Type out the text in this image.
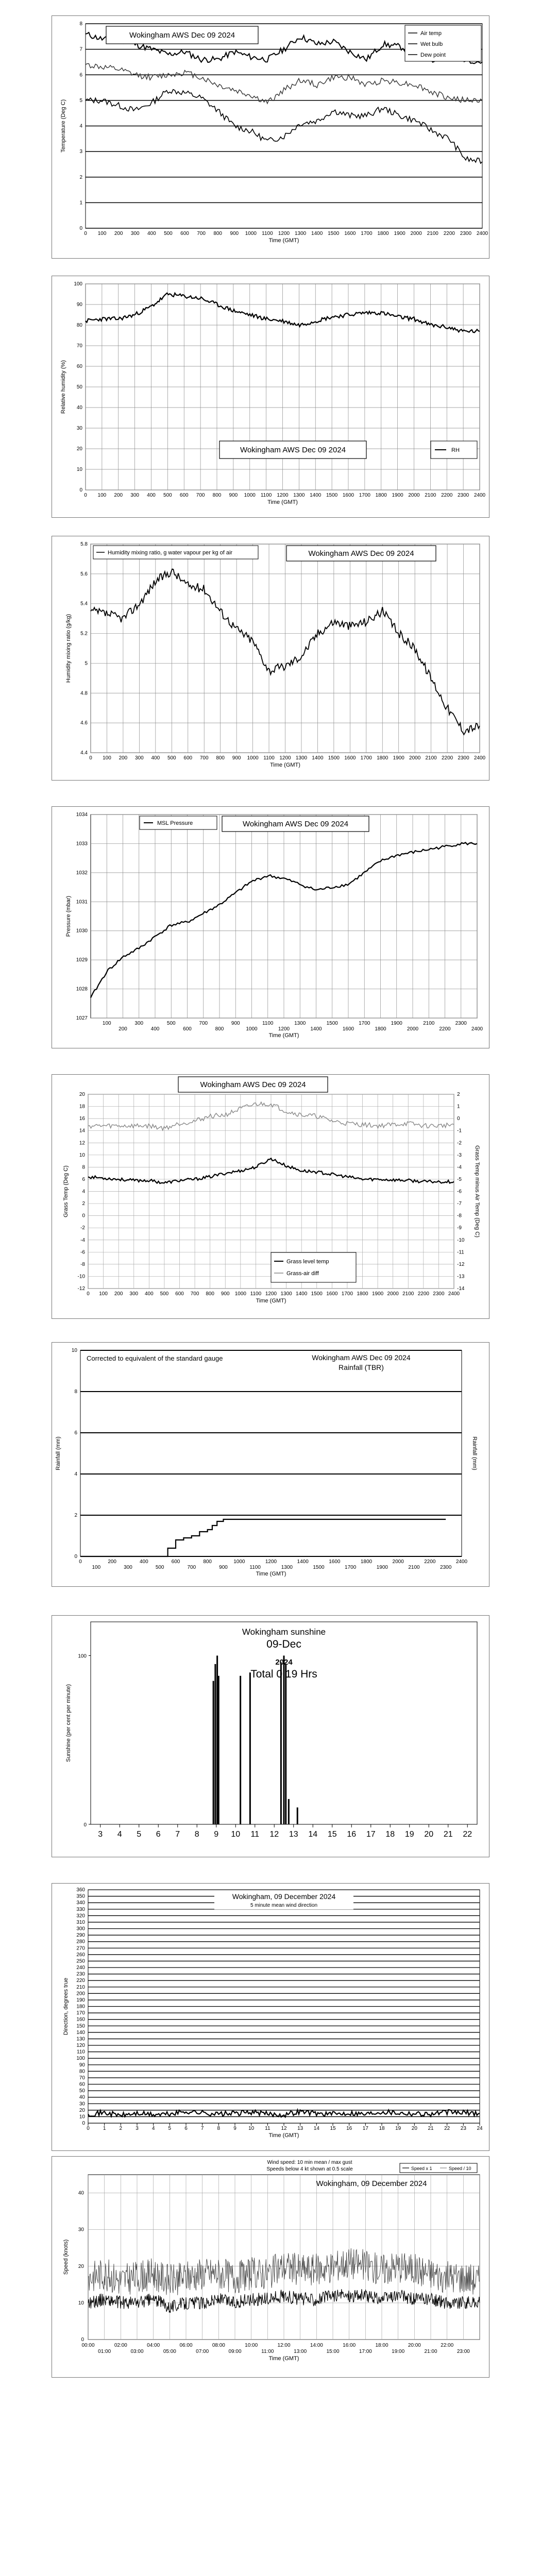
0
1
2
3
4
5
6
7
8
0 100 200 300 400 500 600 700 800 900 1000 1100 1200 1300 1400 1500 1600 1700 1800 1900 2000 2100 2200 2300 2400
Time (GMT)
Temperature (Deg C)
Wokingham AWS Dec 09 2024	Air temp
Wet bulb
Dew point
0
10
20
30
40
50
60
70
80
90
100
0 100 200 300 400 500 600 700 800 900 1000 1100 1200 1300 1400 1500 1600 1700 1800 1900 2000 2100 2200 2300 2400
Time (GMT)
Relative humidity (%)
Wokingham AWS Dec 09 2024	RH
4.4
4.6
4.8
5
5.2
5.4
5.6
5.8
0 100 200 300 400 500 600 700 800 900 1000 1100 1200 1300 1400 1500 1600 1700 1800 1900 2000 2100 2200 2300 2400
Time (GMT)
Humidity mixing ratio (g/kg)
Humidity mixing ratio, g water vapour per kg of air	Wokingham AWS Dec 09 2024
1027
1028
1029
1030
1031
1032
1033
1034
100
200
300
400
500
600
700
800
900
1000
1100
1200
1300
1400
1500
1600
1700
1800
1900
2000
2100
2200
2300
2400
Time (GMT)
Pressure (mbar)
MSL Pressure	Wokingham AWS Dec 09 2024
-12
-10
-8
-6
-4
-2
0
2
4
6
8
10
12
14
16
18
20
0 100 200 300 400 500 600 700 800 900 1000 1100 1200 1300 1400 1500 1600 1700 1800 1900 2000 2100 2200 2300 2400
Time (GMT)
Grass Temp (Deg C)
-14
-13
-12
-11
-10
-9
-8
-7
-6
-5
-4
-3
-2
-1
0
1
2
Grass Temp minus Air Temp (Deg C)
Wokingham AWS Dec 09 2024
Grass level temp
Grass-air diff
0
2
4
6
8
10
0
100
200
300
400
500
600
700
800
900
1000
1100
1200
1300
1400
1500
1600
1700
1800
1900
2000
2100
2200
2300
2400
Time (GMT)
Rainfall (mm)	Rainfall (mm)
Corrected to equivalent of the standard gauge	Wokingham AWS Dec 09 2024
Rainfall (TBR)
3 4 5 6 7 8 9 10 11 12 13 14 15 16 17 18 19 20 21 22
0
100
Sunshine (per cent per minute)
Wokingham sunshine
09-Dec
2024
Total 0.19 Hrs
0
10
20
30
40
50
60
70
80
90
100
110
120
130
140
150
160
170
180
190
200
210
220
230
240
250
260
270
280
290
300
310
320
330
340
350
360
0	1	2	3	4	5	6	7	8	9 10 11 12 13 14 15 16 17 18 19 20 21 22 23 24
Time (GMT)
Direction, degrees true
Wokingham, 09 December 2024
5 minute mean wind direction
0
10
20
30
40
00:00	02:00	04:00	06:00	08:00	10:00	12:00	14:00	16:00	18:00	20:00	22:00
01:00	03:00	05:00	07:00	09:00	11:00	13:00	15:00	17:00	19:00	21:00	23:00
Time (GMT)
Speed (knots)
Wind speed: 10 min mean / max gust
Speeds below 4 kt shown at 0.5 scale
Wokingham, 09 December 2024
Speed x 1	Speed / 10
